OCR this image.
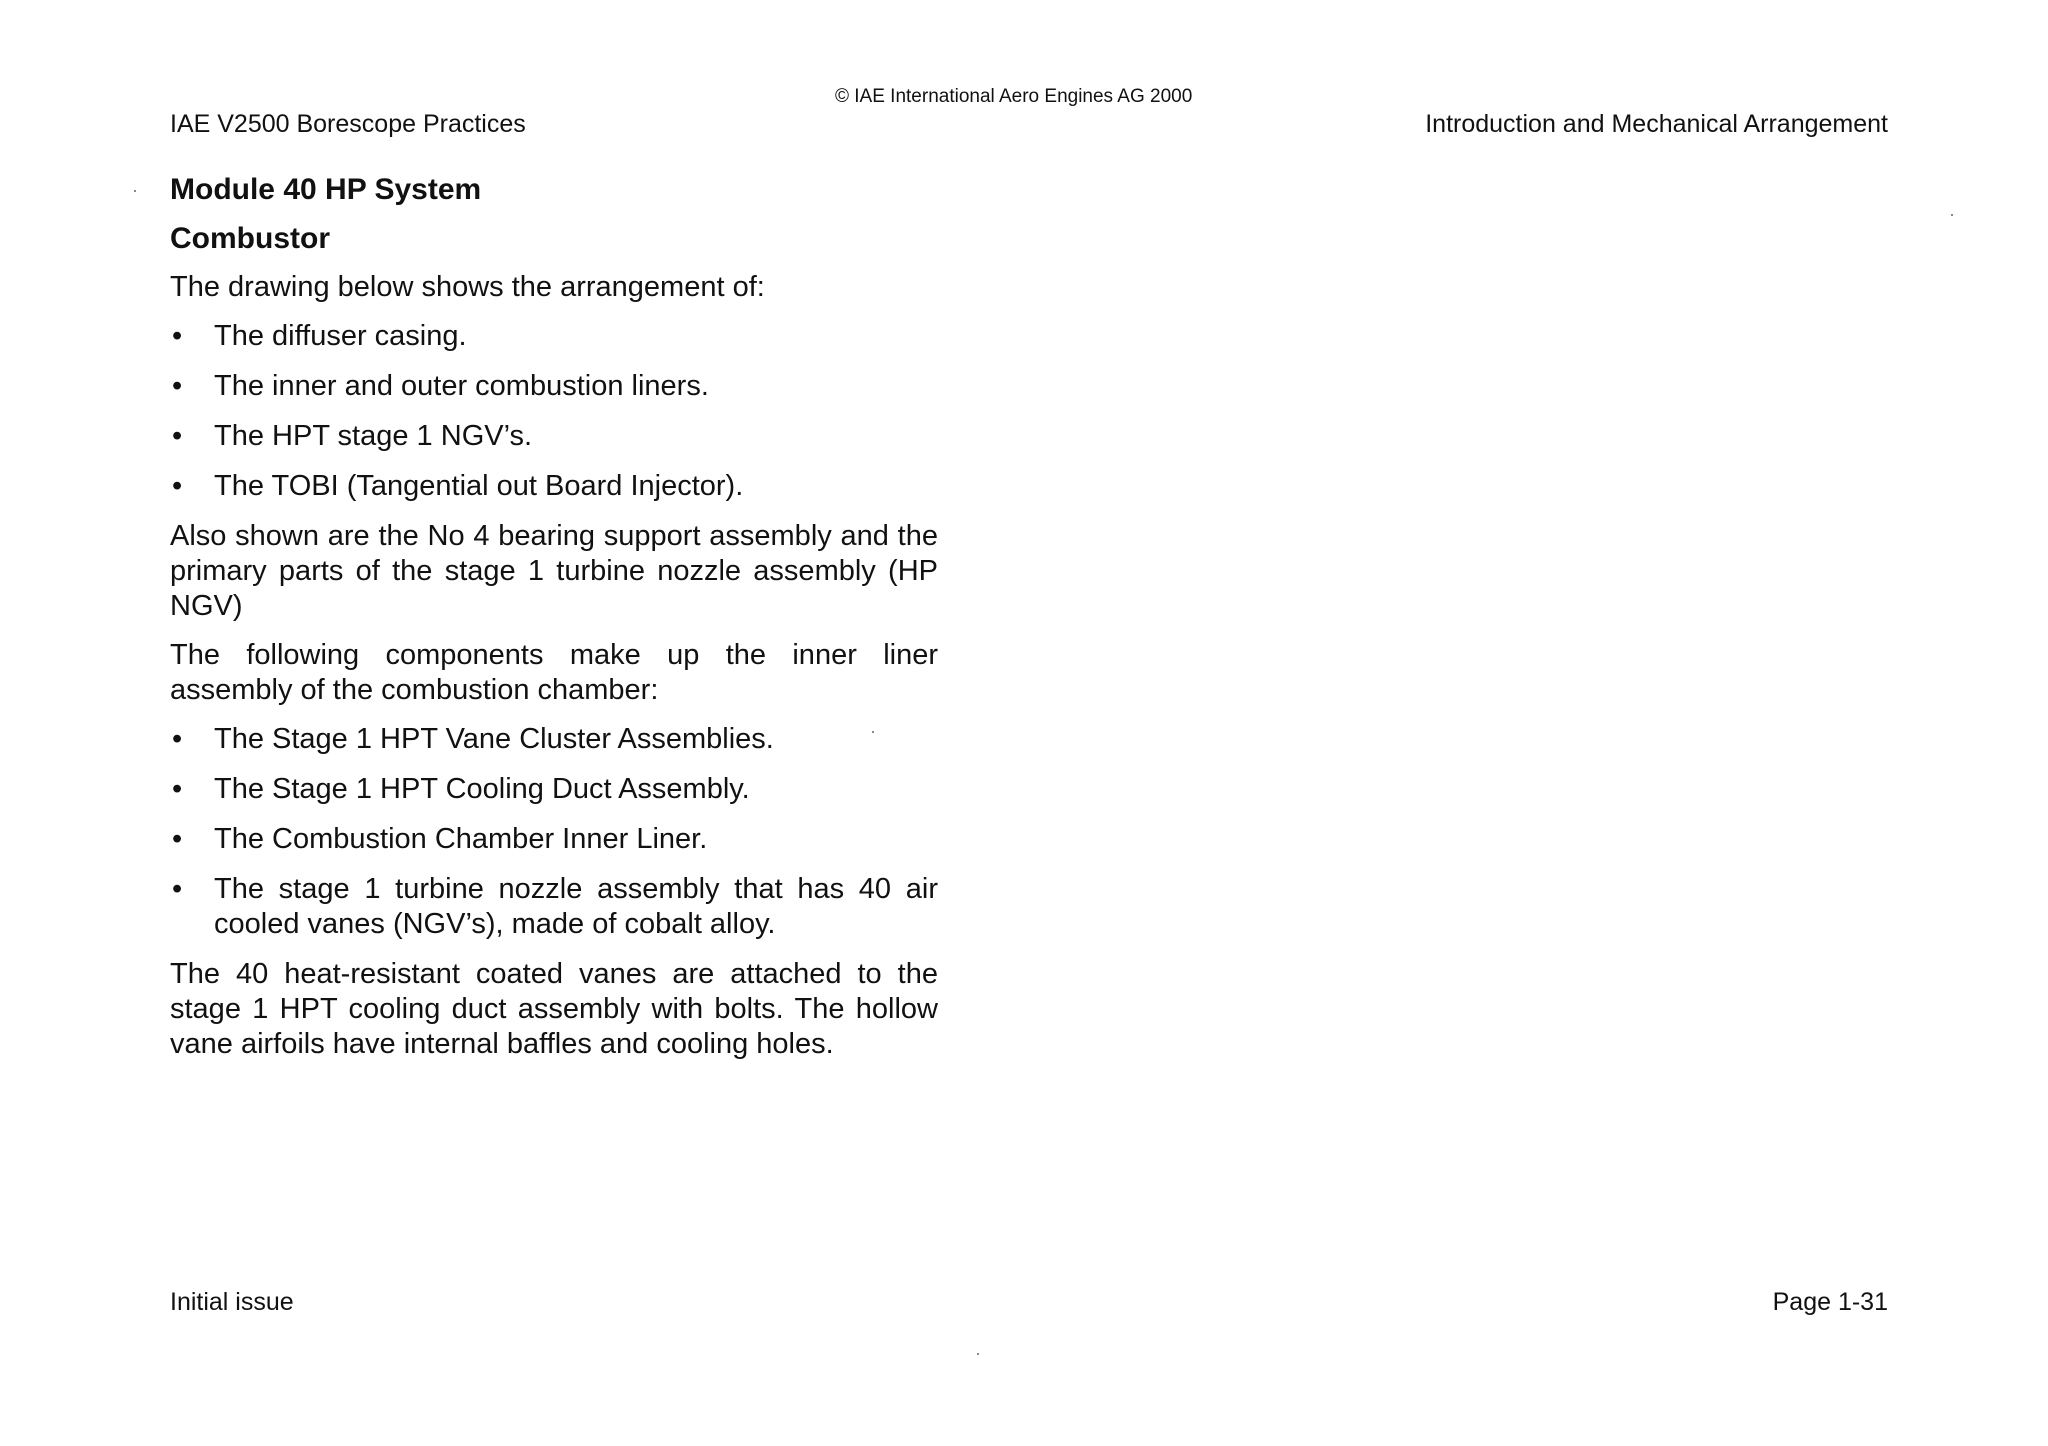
IAE V2500 Borescope Practices
© IAE International Aero Engines AG 2000
Introduction and Mechanical Arrangement
Module 40 HP System
Combustor
The drawing below shows the arrangement of:
• The diffuser casing.
• The inner and outer combustion liners.
• The HPT stage 1 NGV’s.
• The TOBI (Tangential out Board Injector).
Also shown are the No 4 bearing support assembly and the primary parts of the stage 1 turbine nozzle assembly (HP NGV)
The following components make up the inner liner assembly of the combustion chamber:
• The Stage 1 HPT Vane Cluster Assemblies.
• The Stage 1 HPT Cooling Duct Assembly.
• The Combustion Chamber Inner Liner.
• The stage 1 turbine nozzle assembly that has 40 air cooled vanes (NGV’s), made of cobalt alloy.
The 40 heat-resistant coated vanes are attached to the stage 1 HPT cooling duct assembly with bolts. The hollow vane airfoils have internal baffles and cooling holes.
Initial issue	Page 1-31
